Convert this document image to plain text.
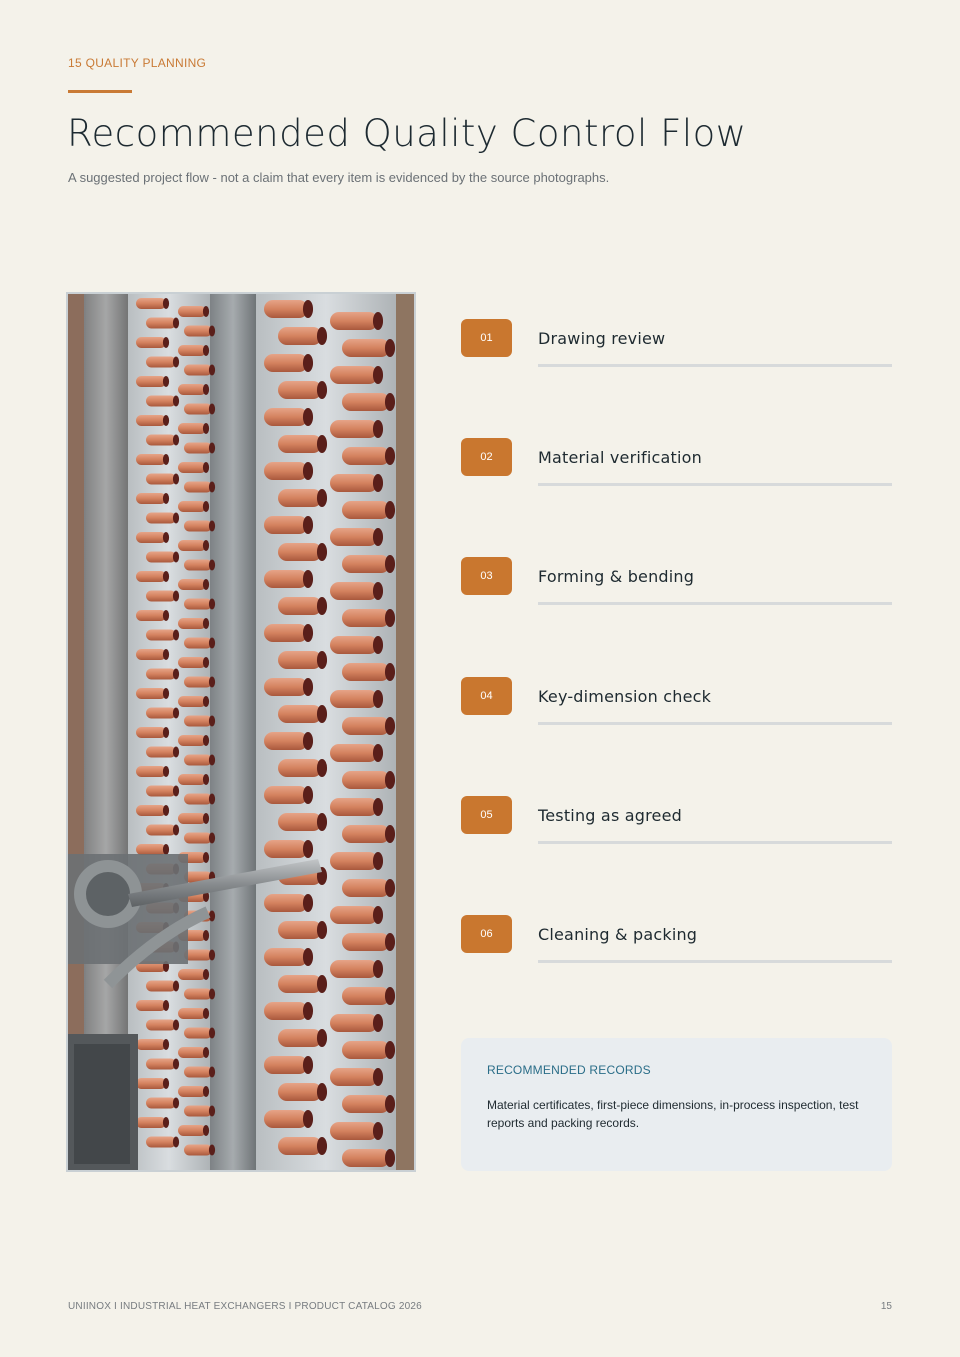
15 QUALITY PLANNING
Recommended Quality Control Flow
A suggested project flow - not a claim that every item is evidenced by the source photographs.
01	Drawing review
02	Material verification
03	Forming & bending
04	Key-dimension check
05	Testing as agreed
06	Cleaning & packing
RECOMMENDED RECORDS
Material certificates, first-piece dimensions, in-process inspection, test reports and packing records.
UNIINOX I INDUSTRIAL HEAT EXCHANGERS I PRODUCT CATALOG 2026	15
